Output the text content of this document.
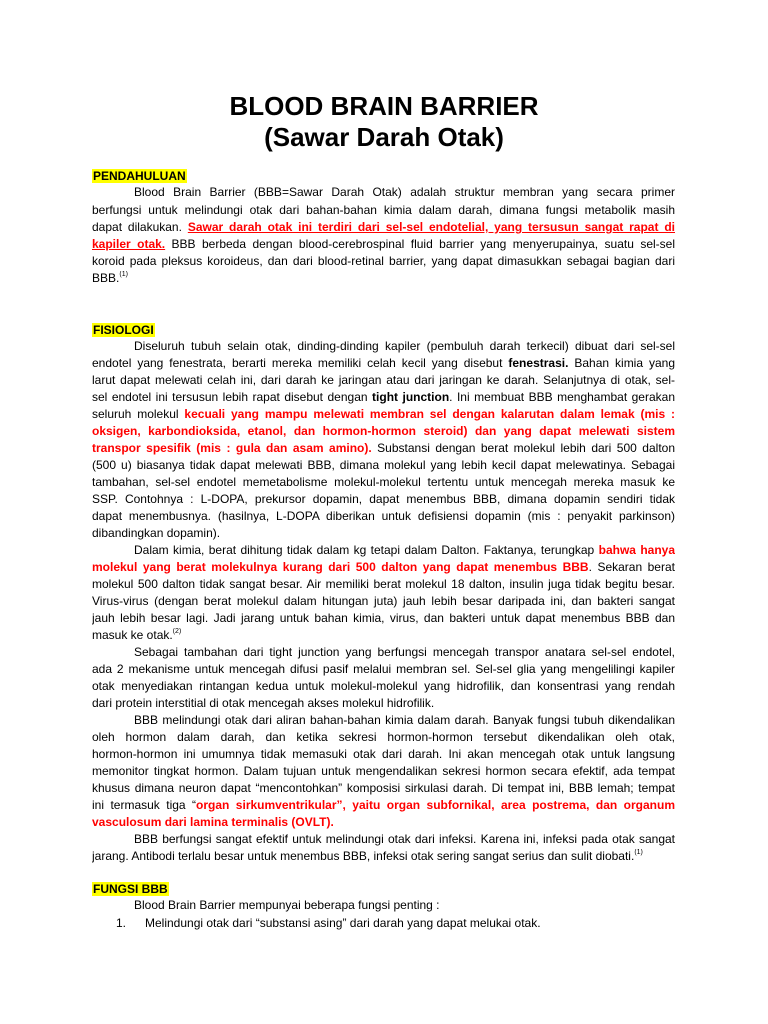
BLOOD BRAIN BARRIER
(Sawar Darah Otak)
PENDAHULUAN
Blood Brain Barrier (BBB=Sawar Darah Otak) adalah struktur membran yang secara primer
berfungsi untuk melindungi otak dari bahan-bahan kimia dalam darah, dimana fungsi metabolik masih
dapat dilakukan. Sawar darah otak ini terdiri dari sel-sel endotelial, yang tersusun sangat rapat di
kapiler otak. BBB berbeda dengan blood-cerebrospinal fluid barrier yang menyerupainya, suatu sel-sel
koroid pada pleksus koroideus, dan dari blood-retinal barrier, yang dapat dimasukkan sebagai bagian dari
BBB.$^{(1)}$
FISIOLOGI
Diseluruh tubuh selain otak, dinding-dinding kapiler (pembuluh darah terkecil) dibuat dari sel-sel
endotel yang fenestrata, berarti mereka memiliki celah kecil yang disebut fenestrasi. Bahan kimia yang
larut dapat melewati celah ini, dari darah ke jaringan atau dari jaringan ke darah. Selanjutnya di otak, sel-
sel endotel ini tersusun lebih rapat disebut dengan tight junction. Ini membuat BBB menghambat gerakan
seluruh molekul kecuali yang mampu melewati membran sel dengan kalarutan dalam lemak (mis :
oksigen, karbondioksida, etanol, dan hormon-hormon steroid) dan yang dapat melewati sistem
transpor spesifik (mis : gula dan asam amino). Substansi dengan berat molekul lebih dari 500 dalton
(500 u) biasanya tidak dapat melewati BBB, dimana molekul yang lebih kecil dapat melewatinya. Sebagai
tambahan, sel-sel endotel memetabolisme molekul-molekul tertentu untuk mencegah mereka masuk ke
SSP. Contohnya : L-DOPA, prekursor dopamin, dapat menembus BBB, dimana dopamin sendiri tidak
dapat menembusnya. (hasilnya, L-DOPA diberikan untuk defisiensi dopamin (mis : penyakit parkinson)
dibandingkan dopamin).
Dalam kimia, berat dihitung tidak dalam kg tetapi dalam Dalton. Faktanya, terungkap bahwa hanya
molekul yang berat molekulnya kurang dari 500 dalton yang dapat menembus BBB. Sekaran berat
molekul 500 dalton tidak sangat besar. Air memiliki berat molekul 18 dalton, insulin juga tidak begitu besar.
Virus-virus (dengan berat molekul dalam hitungan juta) jauh lebih besar daripada ini, dan bakteri sangat
jauh lebih besar lagi. Jadi jarang untuk bahan kimia, virus, dan bakteri untuk dapat menembus BBB dan
masuk ke otak.$^{(2)}$
Sebagai tambahan dari tight junction yang berfungsi mencegah transpor anatara sel-sel endotel,
ada 2 mekanisme untuk mencegah difusi pasif melalui membran sel. Sel-sel glia yang mengelilingi kapiler
otak menyediakan rintangan kedua untuk molekul-molekul yang hidrofilik, dan konsentrasi yang rendah
dari protein interstitial di otak mencegah akses molekul hidrofilik.
BBB melindungi otak dari aliran bahan-bahan kimia dalam darah. Banyak fungsi tubuh dikendalikan
oleh hormon dalam darah, dan ketika sekresi hormon-hormon tersebut dikendalikan oleh otak,
hormon-hormon ini umumnya tidak memasuki otak dari darah. Ini akan mencegah otak untuk langsung
memonitor tingkat hormon. Dalam tujuan untuk mengendalikan sekresi hormon secara efektif, ada tempat
khusus dimana neuron dapat “mencontohkan” komposisi sirkulasi darah. Di tempat ini, BBB lemah; tempat
ini termasuk tiga “organ sirkumventrikular”, yaitu organ subfornikal, area postrema, dan organum
vasculosum dari lamina terminalis (OVLT).
BBB berfungsi sangat efektif untuk melindungi otak dari infeksi. Karena ini, infeksi pada otak sangat
jarang. Antibodi terlalu besar untuk menembus BBB, infeksi otak sering sangat serius dan sulit diobati.$^{(1)}$
FUNGSI BBB
Blood Brain Barrier mempunyai beberapa fungsi penting :
1. Melindungi otak dari “substansi asing” dari darah yang dapat melukai otak.
